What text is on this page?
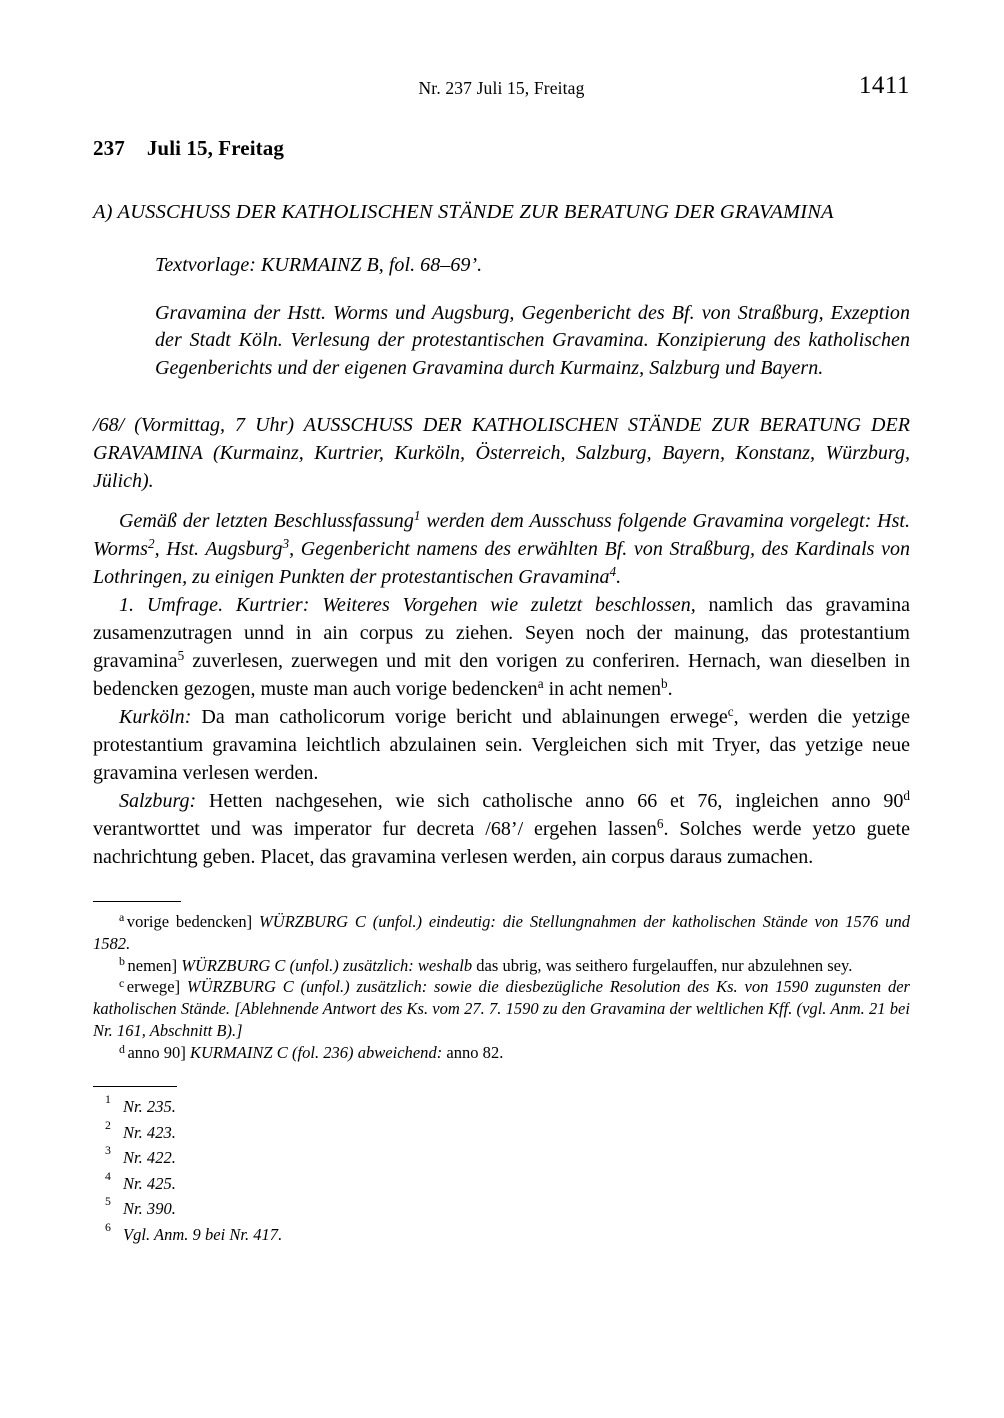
Nr. 237 Juli 15, Freitag	1411
237 Juli 15, Freitag
A) AUSSCHUSS DER KATHOLISCHEN STÄNDE ZUR BERATUNG DER GRAVAMINA
Textvorlage: KURMAINZ B, fol. 68–69’.
Gravamina der Hstt. Worms und Augsburg, Gegenbericht des Bf. von Straßburg, Exzeption der Stadt Köln. Verlesung der protestantischen Gravamina. Konzipierung des katholischen Gegenberichts und der eigenen Gravamina durch Kurmainz, Salzburg und Bayern.
/68/ (Vormittag, 7 Uhr) AUSSCHUSS DER KATHOLISCHEN STÄNDE ZUR BERATUNG DER GRAVAMINA (Kurmainz, Kurtrier, Kurköln, Österreich, Salzburg, Bayern, Konstanz, Würzburg, Jülich).
Gemäß der letzten Beschlussfassung$^1$ werden dem Ausschuss folgende Gravamina vorgelegt: Hst. Worms$^2$, Hst. Augsburg$^3$, Gegenbericht namens des erwählten Bf. von Straßburg, des Kardinals von Lothringen, zu einigen Punkten der protestantischen Gravamina$^4$.
1. Umfrage. Kurtrier: Weiteres Vorgehen wie zuletzt beschlossen, namlich das gravamina zusamenzutragen unnd in ain corpus zu ziehen. Seyen noch der mainung, das protestantium gravamina$^5$ zuverlesen, zuerwegen und mit den vorigen zu conferiren. Hernach, wan dieselben in bedencken gezogen, muste man auch vorige bedencken$^a$ in acht nemen$^b$.
Kurköln: Da man catholicorum vorige bericht und ablainungen erwege$^c$, werden die yetzige protestantium gravamina leichtlich abzulainen sein. Vergleichen sich mit Tryer, das yetzige neue gravamina verlesen werden.
Salzburg: Hetten nachgesehen, wie sich catholische anno 66 et 76, ingleichen anno 90$^d$ verantworttet und was imperator fur decreta /68’/ ergehen lassen$^6$. Solches werde yetzo guete nachrichtung geben. Placet, das gravamina verlesen werden, ain corpus daraus zumachen.
$^a$ vorige bedencken] WÜRZBURG C (unfol.) eindeutig: die Stellungnahmen der katholischen Stände von 1576 und 1582.
$^b$ nemen] WÜRZBURG C (unfol.) zusätzlich: weshalb das ubrig, was seithero furgelauffen, nur abzulehnen sey.
$^c$ erwege] WÜRZBURG C (unfol.) zusätzlich: sowie die diesbezügliche Resolution des Ks. von 1590 zugunsten der katholischen Stände. [Ablehnende Antwort des Ks. vom 27. 7. 1590 zu den Gravamina der weltlichen Kff. (vgl. Anm. 21 bei Nr. 161, Abschnitt B).]
$^d$ anno 90] KURMAINZ C (fol. 236) abweichend: anno 82.
1 Nr. 235.
2 Nr. 423.
3 Nr. 422.
4 Nr. 425.
5 Nr. 390.
6 Vgl. Anm. 9 bei Nr. 417.
